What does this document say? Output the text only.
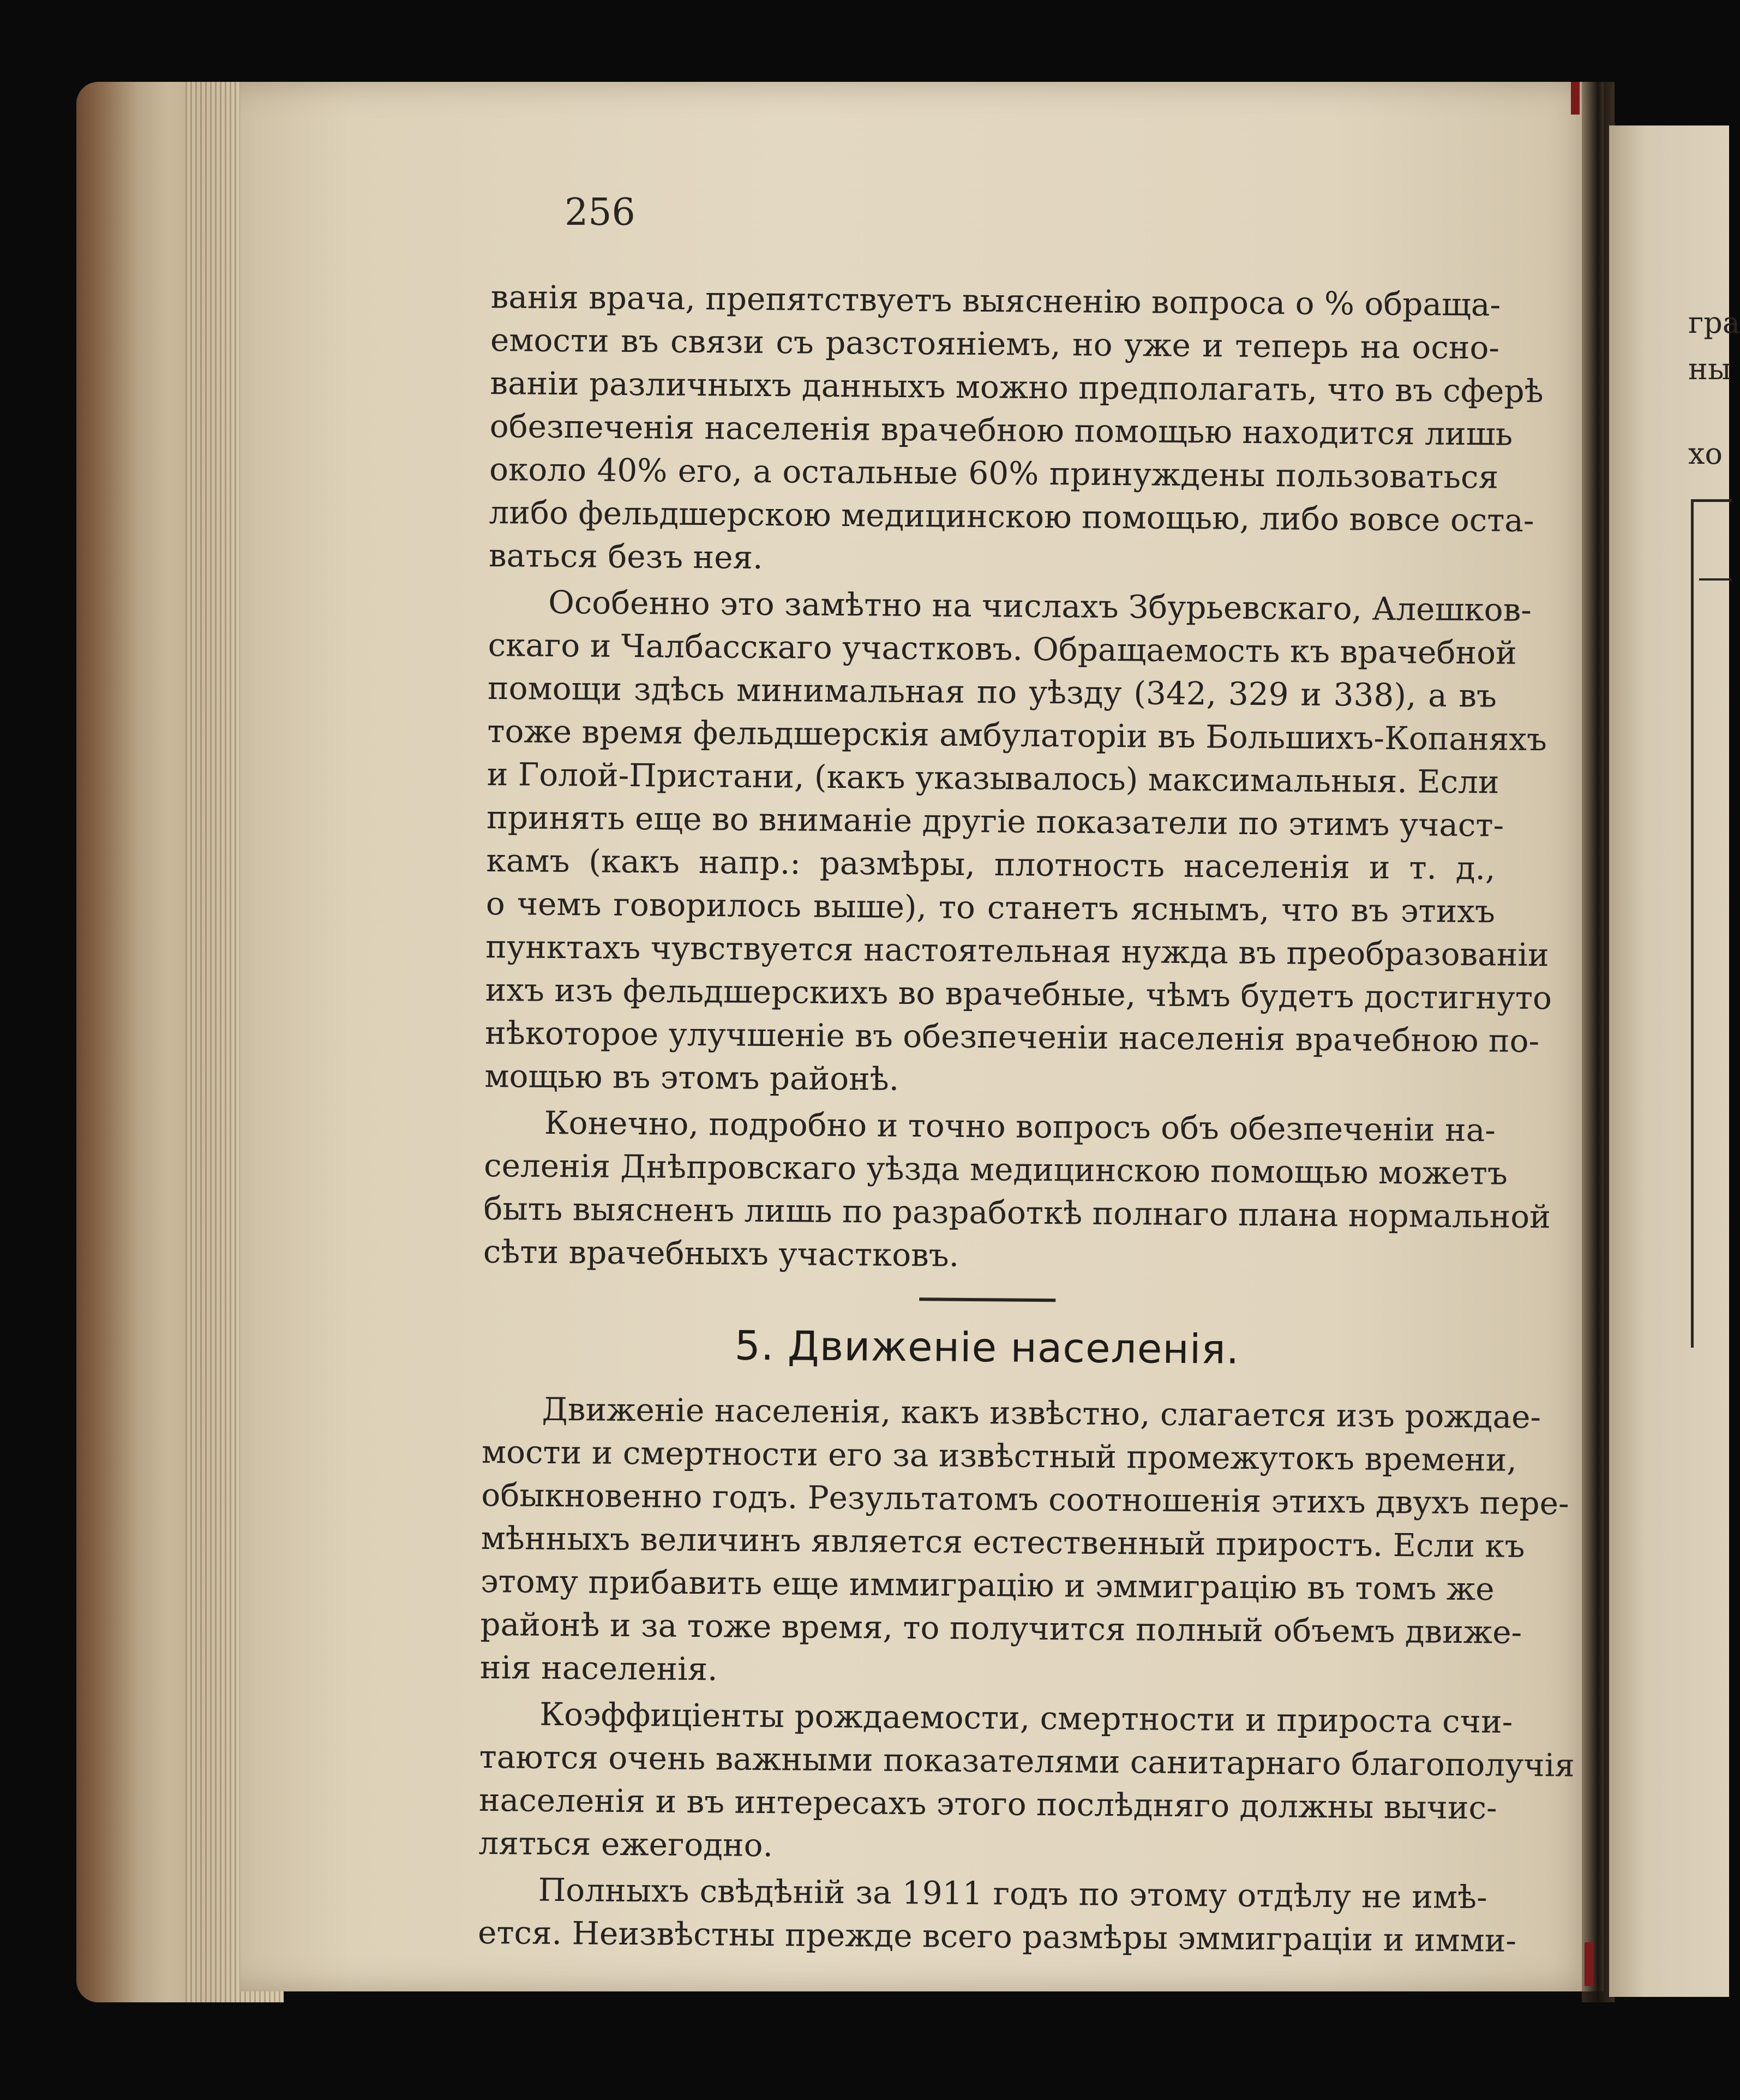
гра
ны
хо
256
ванія врача, препятствуетъ выясненію вопроса о % обраща-
емости въ связи съ разстояніемъ, но уже и теперь на осно-
ваніи различныхъ данныхъ можно предполагать, что въ сферѣ
обезпеченія населенія врачебною помощью находится лишь
около 40% его, а остальные 60% принуждены пользоваться
либо фельдшерскою медицинскою помощью, либо вовсе оста-
ваться безъ нея.
Особенно это замѣтно на числахъ Збурьевскаго, Алешков-
скаго и Чалбасскаго участковъ. Обращаемость къ врачебной
помощи здѣсь минимальная по уѣзду (342, 329 и 338), а въ
тоже время фельдшерскія амбулаторіи въ Большихъ-Копаняхъ
и Голой-Пристани, (какъ указывалось) максимальныя. Если
принять еще во вниманіе другіе показатели по этимъ участ-
камъ (какъ напр.: размѣры, плотность населенія и т. д.,
о чемъ говорилось выше), то станетъ яснымъ, что въ этихъ
пунктахъ чувствуется настоятельная нужда въ преобразованіи
ихъ изъ фельдшерскихъ во врачебные, чѣмъ будетъ достигнуто
нѣкоторое улучшеніе въ обезпеченіи населенія врачебною по-
мощью въ этомъ районѣ.
Конечно, подробно и точно вопросъ объ обезпеченіи на-
селенія Днѣпровскаго уѣзда медицинскою помощью можетъ
быть выясненъ лишь по разработкѣ полнаго плана нормальной
сѣти врачебныхъ участковъ.
5. Движеніе населенія.
Движеніе населенія, какъ извѣстно, слагается изъ рождае-
мости и смертности его за извѣстный промежутокъ времени,
обыкновенно годъ. Результатомъ соотношенія этихъ двухъ пере-
мѣнныхъ величинъ является естественный приростъ. Если къ
этому прибавить еще иммиграцію и эммиграцію въ томъ же
районѣ и за тоже время, то получится полный объемъ движе-
нія населенія.
Коэффиціенты рождаемости, смертности и прироста счи-
таются очень важными показателями санитарнаго благополучія
населенія и въ интересахъ этого послѣдняго должны вычис-
ляться ежегодно.
Полныхъ свѣдѣній за 1911 годъ по этому отдѣлу не имѣ-
ется. Неизвѣстны прежде всего размѣры эммиграціи и имми-
